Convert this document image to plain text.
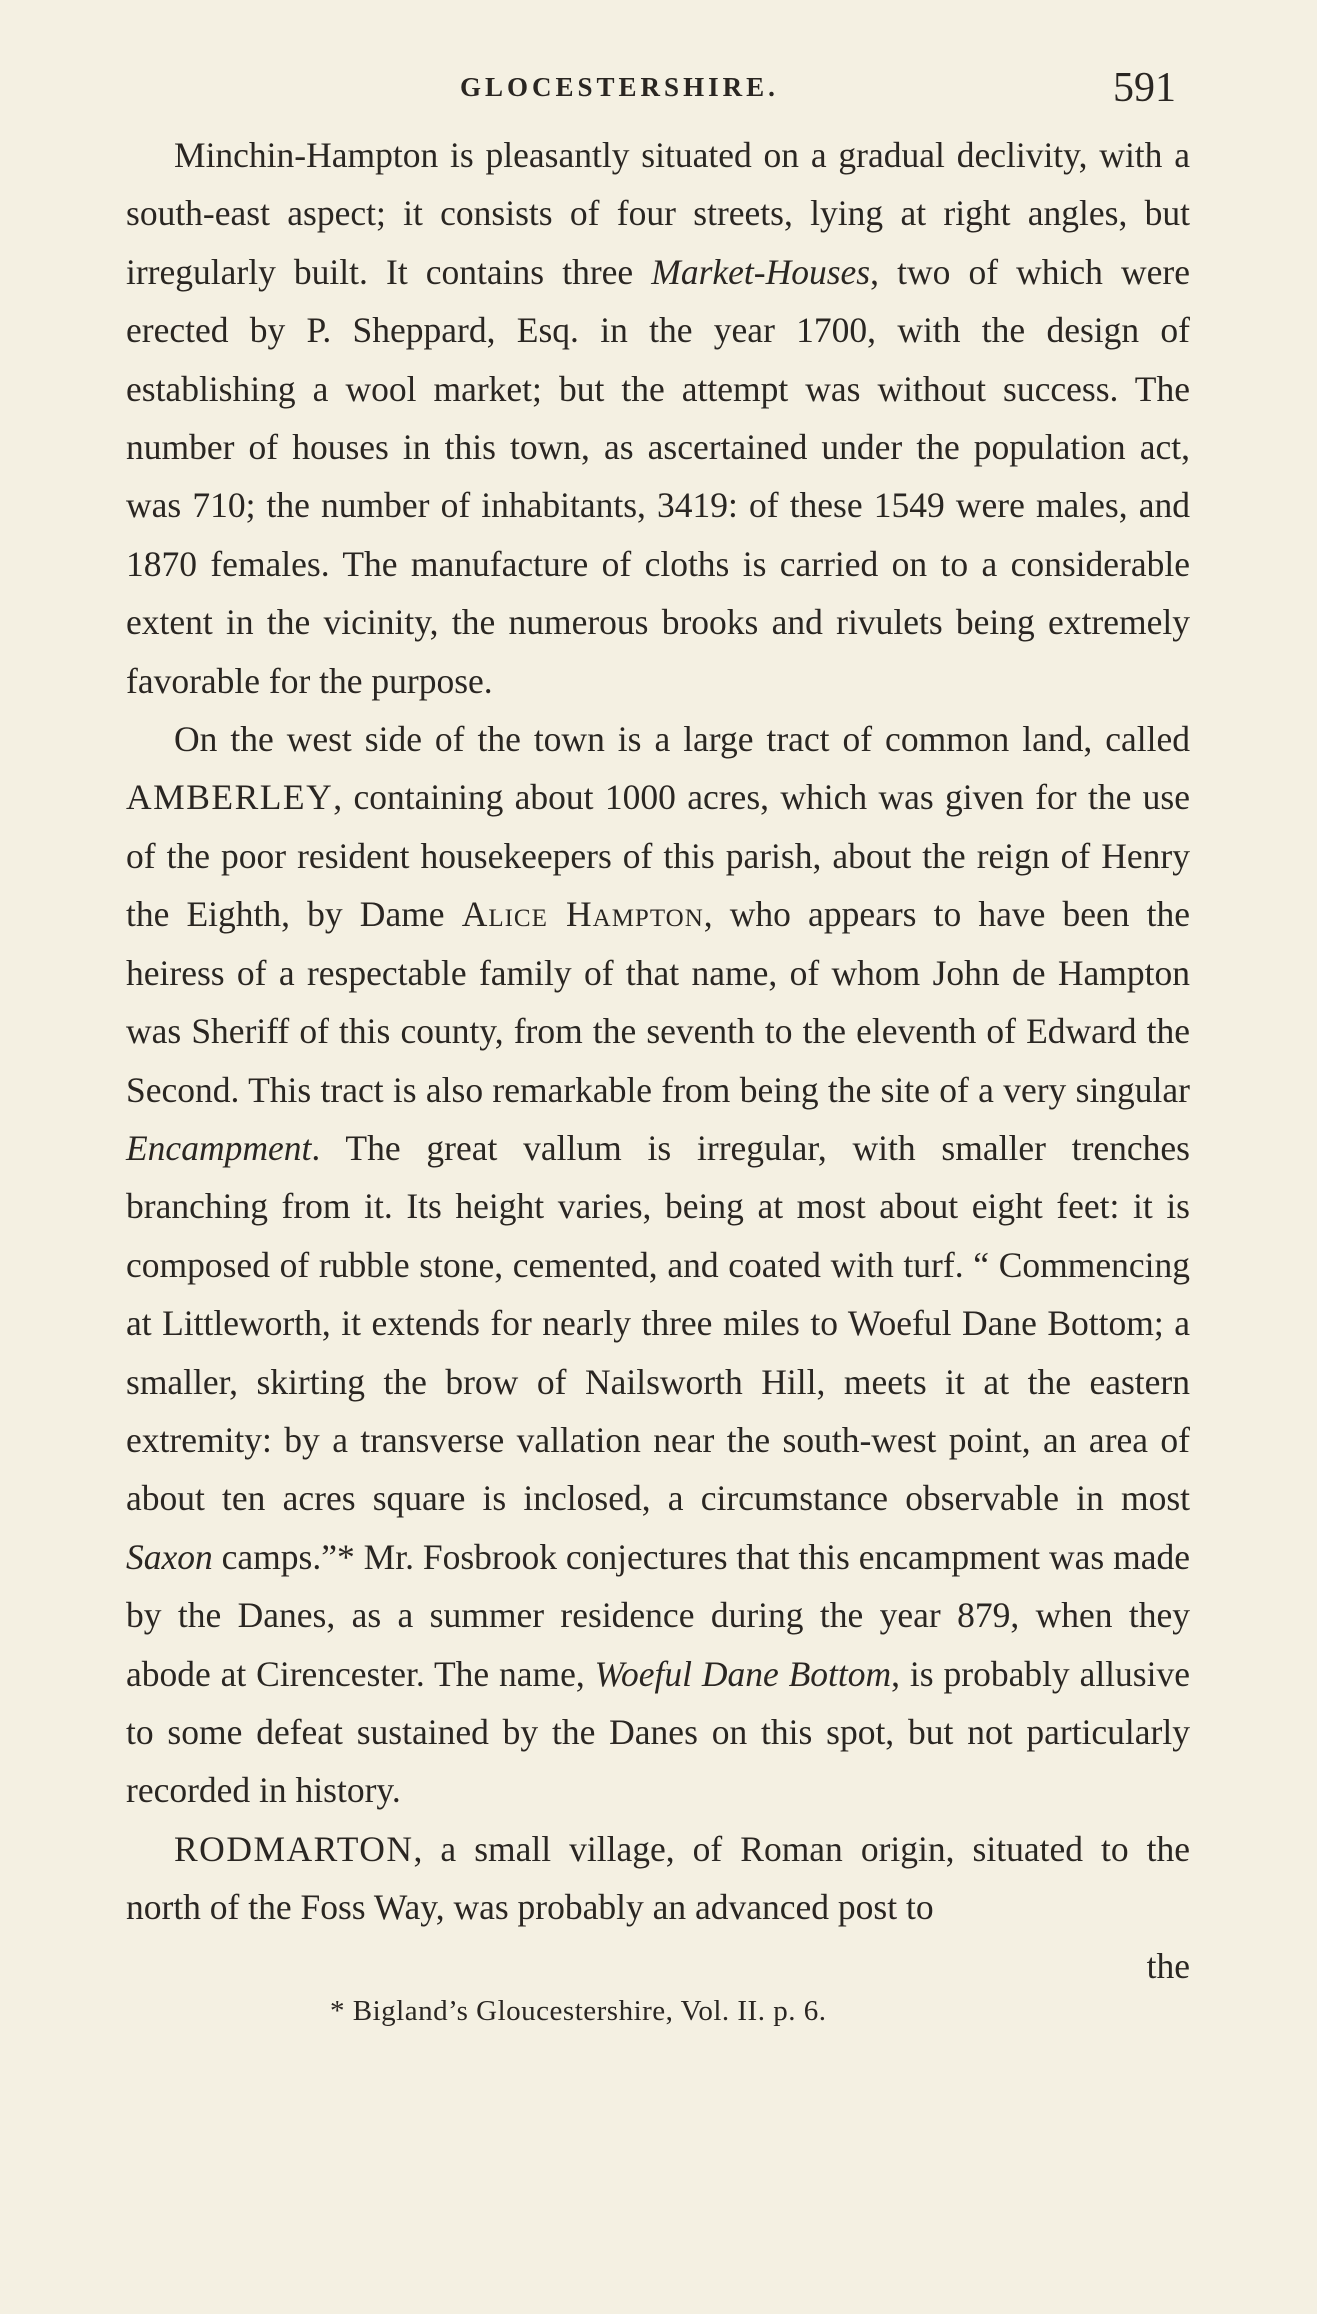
GLOCESTERSHIRE.	591

Minchin-Hampton is pleasantly situated on a gradual declivity, with a south-east aspect; it consists of four streets, lying at right angles, but irregularly built. It contains three Market-Houses, two of which were erected by P. Sheppard, Esq. in the year 1700, with the design of establishing a wool market; but the attempt was without success. The number of houses in this town, as ascertained under the population act, was 710; the number of inhabitants, 3419: of these 1549 were males, and 1870 females. The manufacture of cloths is carried on to a considerable extent in the vicinity, the numerous brooks and rivulets being extremely favorable for the purpose.

On the west side of the town is a large tract of common land, called AMBERLEY, containing about 1000 acres, which was given for the use of the poor resident housekeepers of this parish, about the reign of Henry the Eighth, by Dame Alice Hampton, who appears to have been the heiress of a respectable family of that name, of whom John de Hampton was Sheriff of this county, from the seventh to the eleventh of Edward the Second. This tract is also remarkable from being the site of a very singular Encampment. The great vallum is irregular, with smaller trenches branching from it. Its height varies, being at most about eight feet: it is composed of rubble stone, cemented, and coated with turf. “ Commencing at Littleworth, it extends for nearly three miles to Woeful Dane Bottom; a smaller, skirting the brow of Nailsworth Hill, meets it at the eastern extremity: by a transverse vallation near the south-west point, an area of about ten acres square is inclosed, a circumstance observable in most Saxon camps.”* Mr. Fosbrook conjectures that this encampment was made by the Danes, as a summer residence during the year 879, when they abode at Cirencester. The name, Woeful Dane Bottom, is probably allusive to some defeat sustained by the Danes on this spot, but not particularly recorded in history.

RODMARTON, a small village, of Roman origin, situated to the north of the Foss Way, was probably an advanced post to

the

* Bigland’s Gloucestershire, Vol. II. p. 6.
